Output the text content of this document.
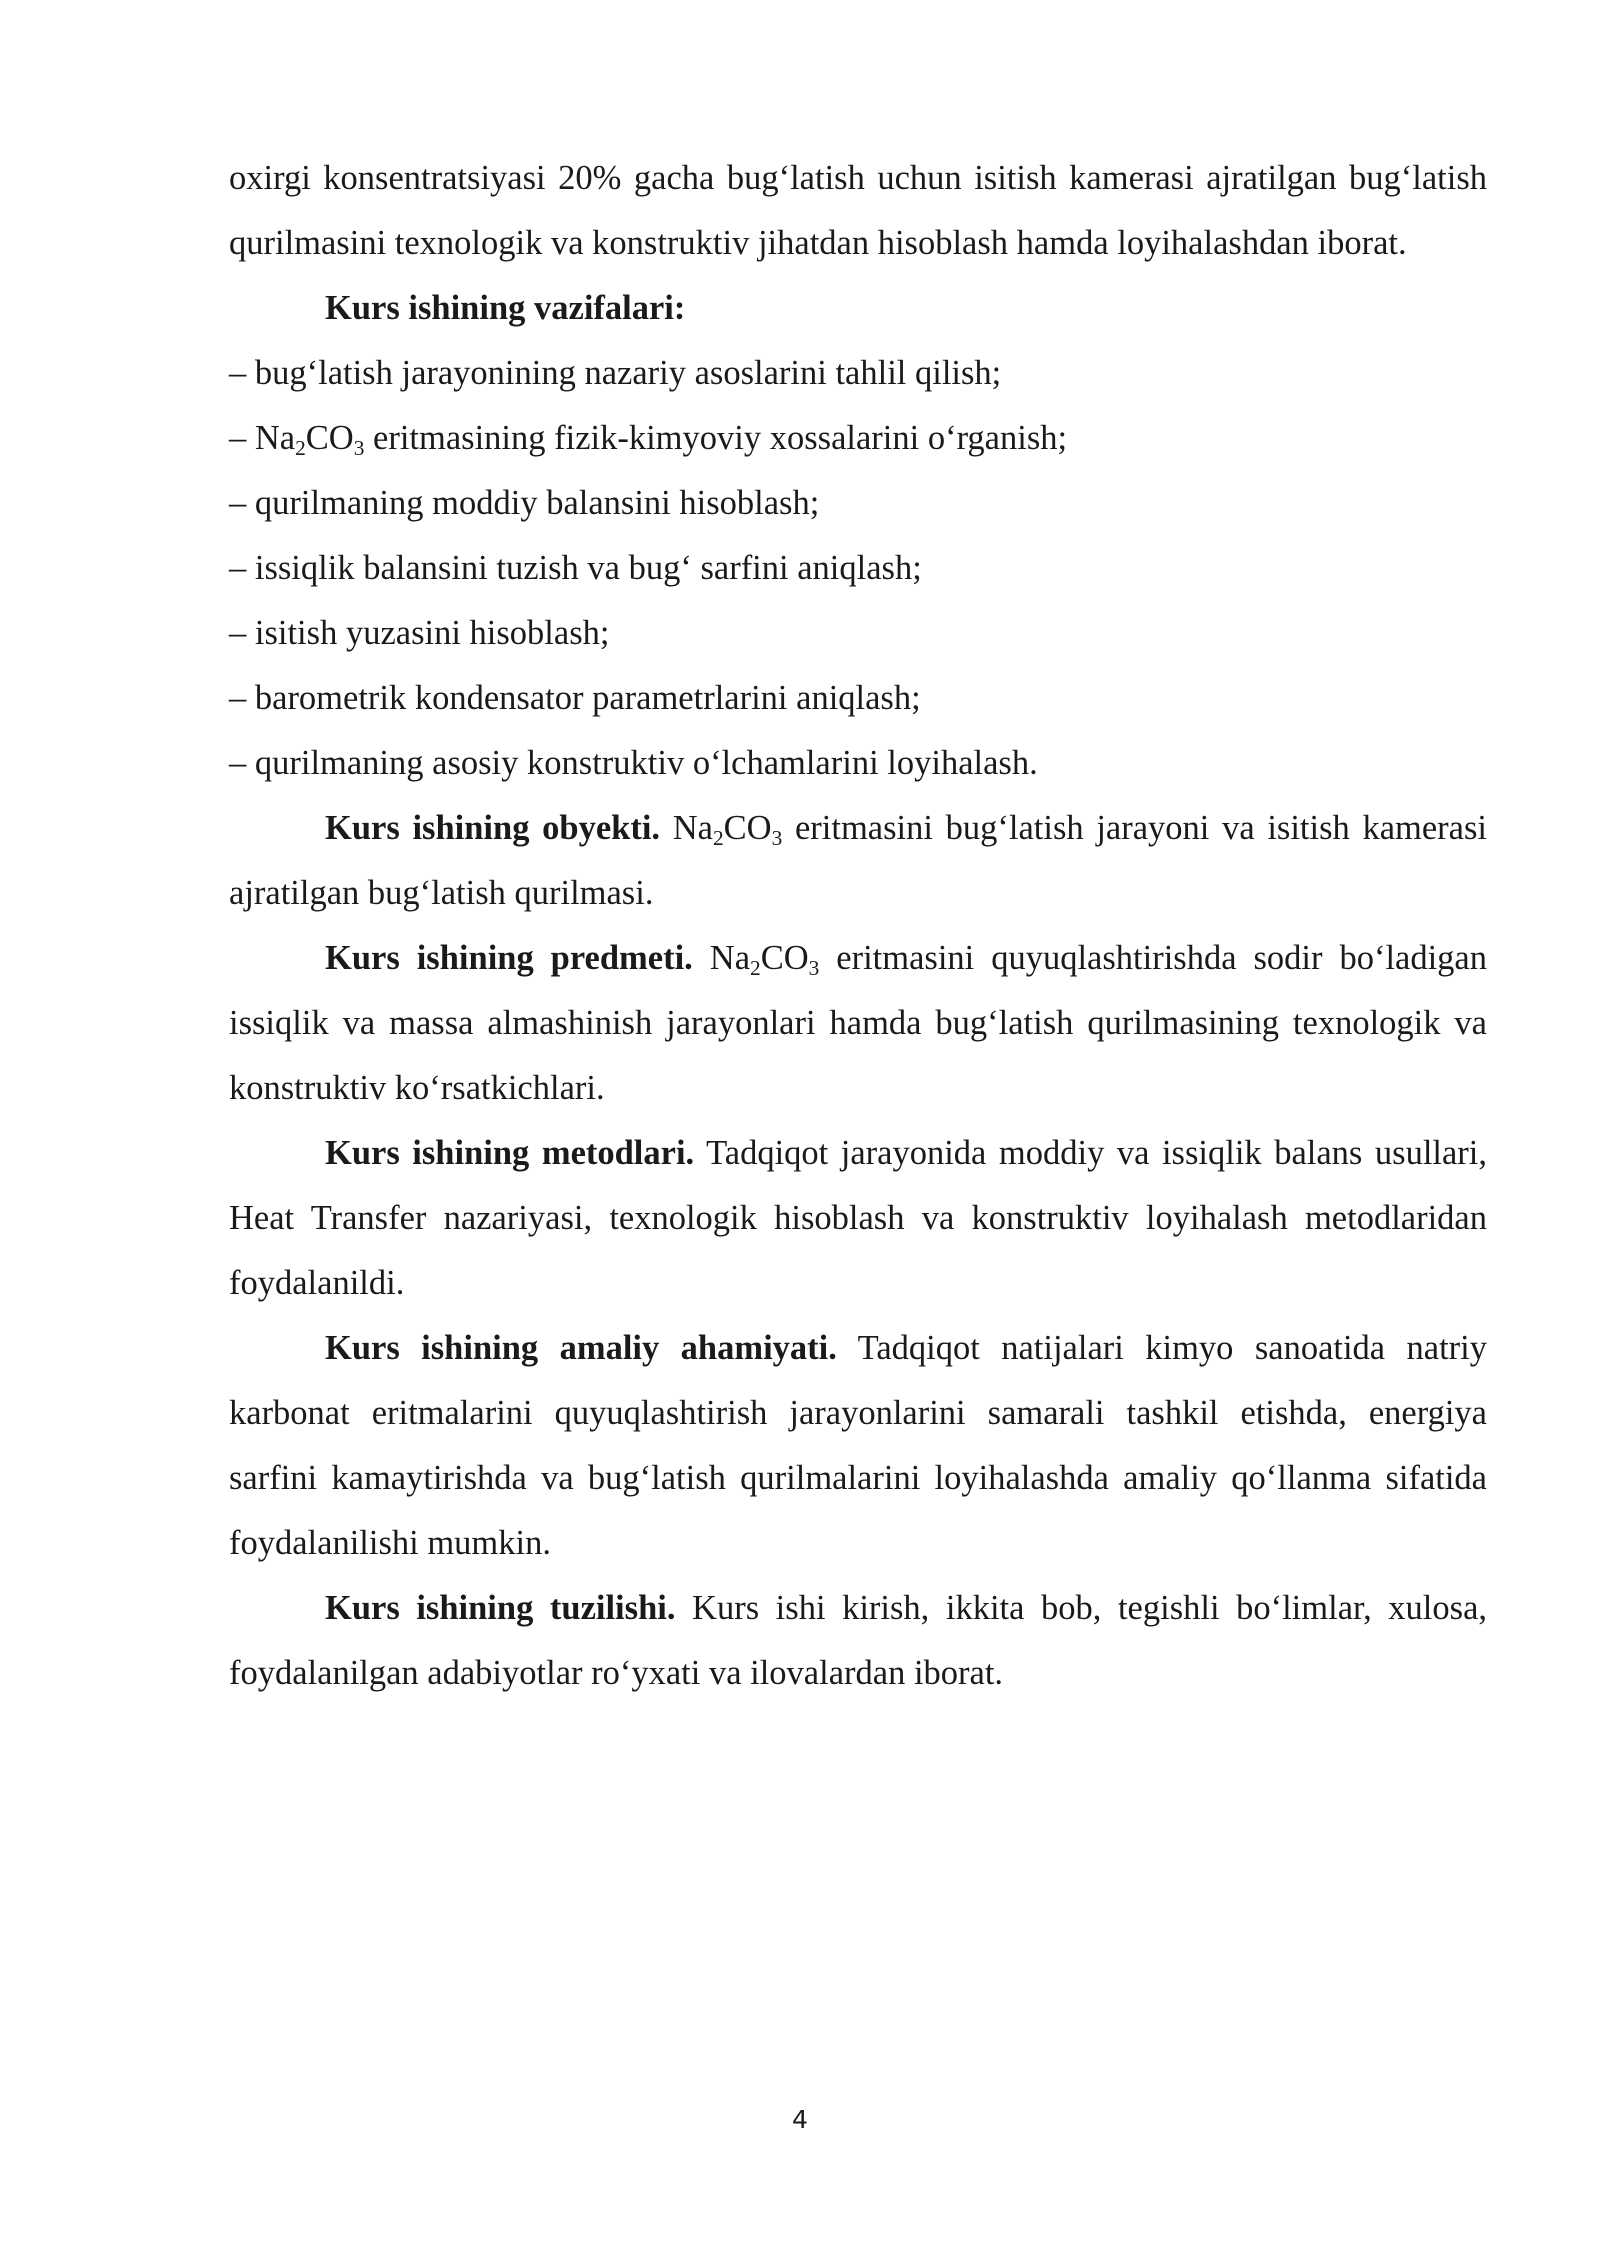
oxirgi konsentratsiyasi 20% gacha bug‘latish uchun isitish kamerasi ajratilgan bug‘latish qurilmasini texnologik va konstruktiv jihatdan hisoblash hamda loyihalashdan iborat.

Kurs ishining vazifalari:

– bug‘latish jarayonining nazariy asoslarini tahlil qilish;

– $Na_2CO_3$ eritmasining fizik-kimyoviy xossalarini o‘rganish;

– qurilmaning moddiy balansini hisoblash;

– issiqlik balansini tuzish va bug‘ sarfini aniqlash;

– isitish yuzasini hisoblash;

– barometrik kondensator parametrlarini aniqlash;

– qurilmaning asosiy konstruktiv o‘lchamlarini loyihalash.

Kurs ishining obyekti. $Na_2CO_3$ eritmasini bug‘latish jarayoni va isitish kamerasi ajratilgan bug‘latish qurilmasi.

Kurs ishining predmeti. $Na_2CO_3$ eritmasini quyuqlashtirishda sodir bo‘ladigan issiqlik va massa almashinish jarayonlari hamda bug‘latish qurilmasining texnologik va konstruktiv ko‘rsatkichlari.

Kurs ishining metodlari. Tadqiqot jarayonida moddiy va issiqlik balans usullari, Heat Transfer nazariyasi, texnologik hisoblash va konstruktiv loyihalash metodlaridan foydalanildi.

Kurs ishining amaliy ahamiyati. Tadqiqot natijalari kimyo sanoatida natriy karbonat eritmalarini quyuqlashtirish jarayonlarini samarali tashkil etishda, energiya sarfini kamaytirishda va bug‘latish qurilmalarini loyihalashda amaliy qo‘llanma sifatida foydalanilishi mumkin.

Kurs ishining tuzilishi. Kurs ishi kirish, ikkita bob, tegishli bo‘limlar, xulosa, foydalanilgan adabiyotlar ro‘yxati va ilovalardan iborat.

4
